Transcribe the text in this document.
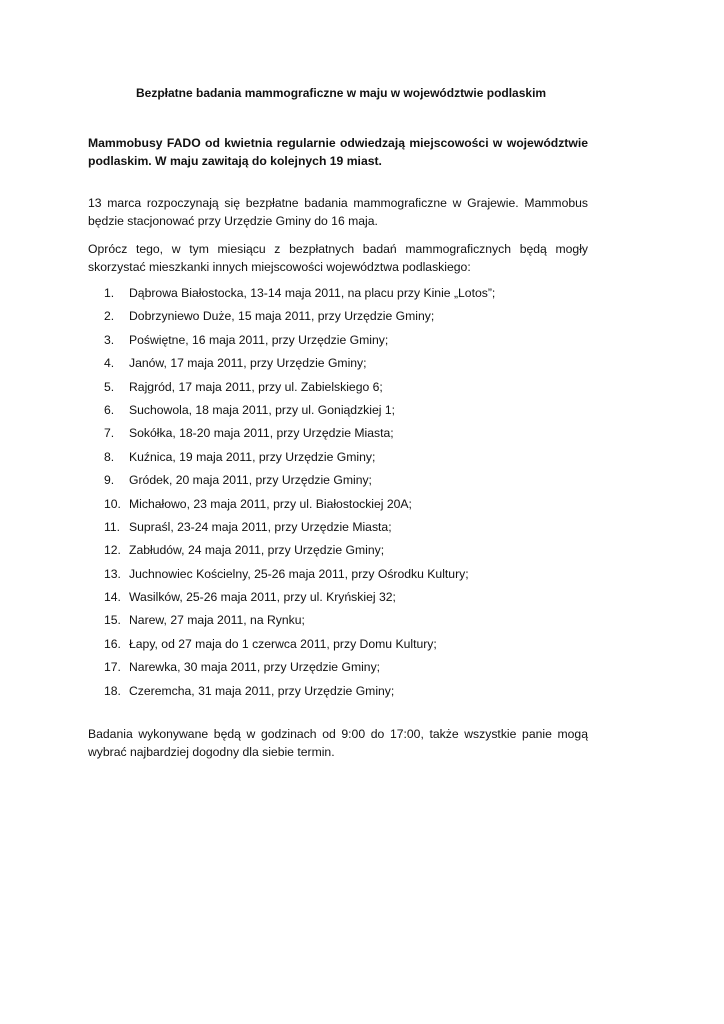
Bezpłatne badania mammograficzne w maju w województwie podlaskim

Mammobusy FADO od kwietnia regularnie odwiedzają miejscowości w województwie podlaskim. W maju zawitają do kolejnych 19 miast.

13 marca rozpoczynają się bezpłatne badania mammograficzne w Grajewie. Mammobus będzie stacjonować przy Urzędzie Gminy do 16 maja.

Oprócz tego, w tym miesiącu z bezpłatnych badań mammograficznych będą mogły skorzystać mieszkanki innych miejscowości województwa podlaskiego:

1.	Dąbrowa Białostocka, 13-14 maja 2011, na placu przy Kinie „Lotos”;
2.	Dobrzyniewo Duże, 15 maja 2011, przy Urzędzie Gminy;
3.	Poświętne, 16 maja 2011, przy Urzędzie Gminy;
4.	Janów, 17 maja 2011, przy Urzędzie Gminy;
5.	Rajgród, 17 maja 2011, przy ul. Zabielskiego 6;
6.	Suchowola, 18 maja 2011, przy ul. Goniądzkiej 1;
7.	Sokółka, 18-20 maja 2011, przy Urzędzie Miasta;
8.	Kuźnica, 19 maja 2011, przy Urzędzie Gminy;
9.	Gródek, 20 maja 2011, przy Urzędzie Gminy;
10. Michałowo, 23 maja 2011, przy ul. Białostockiej 20A;
11. Supraśl, 23-24 maja 2011, przy Urzędzie Miasta;
12. Zabłudów, 24 maja 2011, przy Urzędzie Gminy;
13. Juchnowiec Kościelny, 25-26 maja 2011, przy Ośrodku Kultury;
14. Wasilków, 25-26 maja 2011, przy ul. Kryńskiej 32;
15. Narew, 27 maja 2011, na Rynku;
16. Łapy, od 27 maja do 1 czerwca 2011, przy Domu Kultury;
17. Narewka, 30 maja 2011, przy Urzędzie Gminy;
18. Czeremcha, 31 maja 2011, przy Urzędzie Gminy;

Badania wykonywane będą w godzinach od 9:00 do 17:00, także wszystkie panie mogą wybrać najbardziej dogodny dla siebie termin.
